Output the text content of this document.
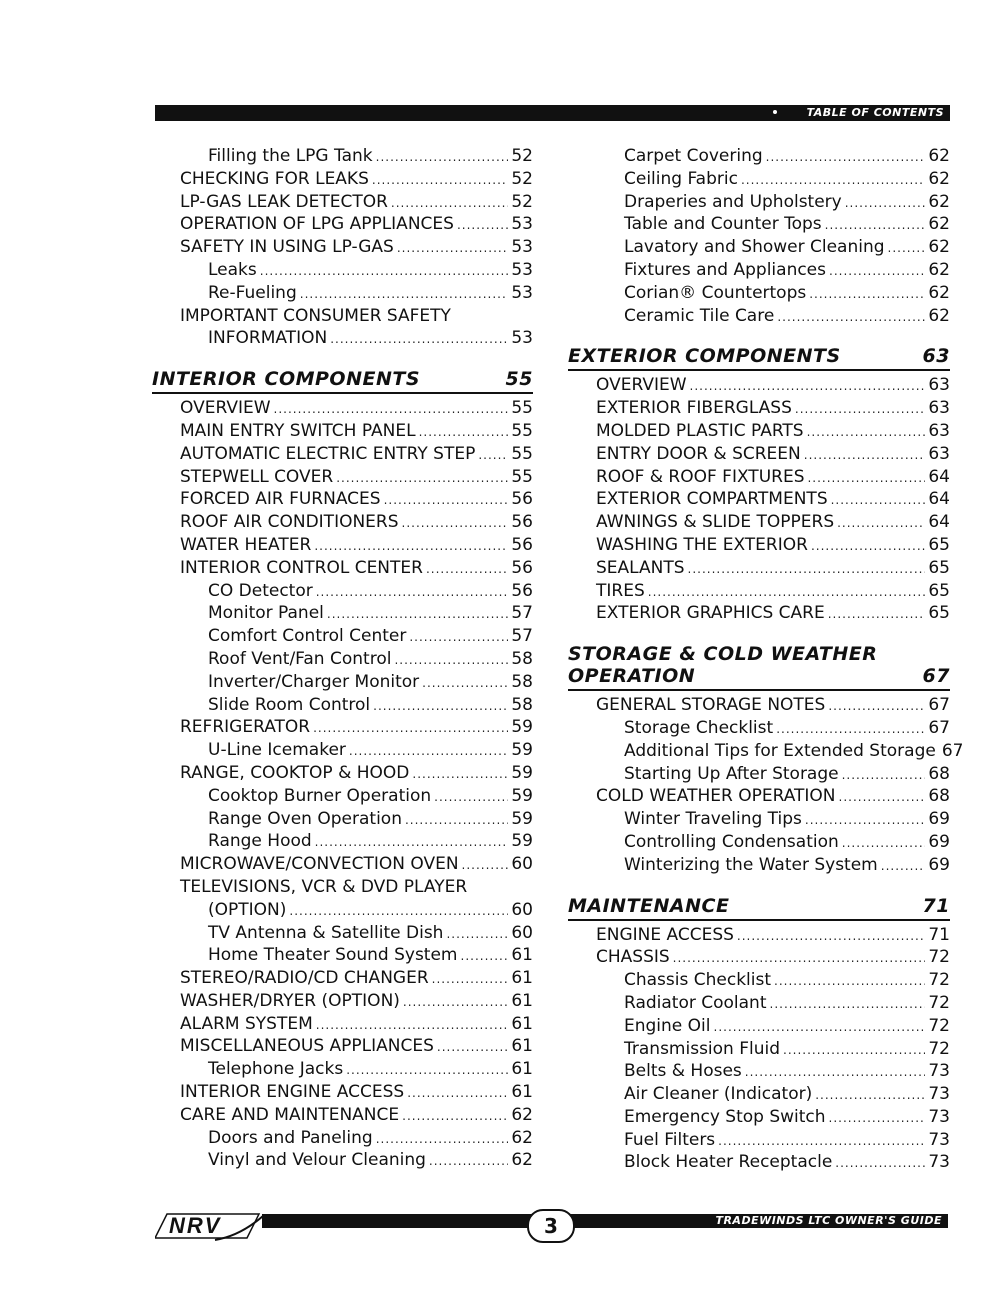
TABLE OF CONTENTS
Filling the LPG Tank .....	52
CHECKING FOR LEAKS .....	52
LP-GAS LEAK DETECTOR .....	52
OPERATION OF LPG APPLIANCES .....	53
SAFETY IN USING LP-GAS .....	53
Leaks .....	53
Re-Fueling .....	53
IMPORTANT CONSUMER SAFETY
INFORMATION .....	53
INTERIOR COMPONENTS	55
OVERVIEW .....	55
MAIN ENTRY SWITCH PANEL .....	55
AUTOMATIC ELECTRIC ENTRY STEP ..... 55
STEPWELL COVER .....	55
FORCED AIR FURNACES .....	56
ROOF AIR CONDITIONERS .....	56
WATER HEATER .....	56
INTERIOR CONTROL CENTER .....	56
CO Detector .....	56
Monitor Panel .....	57
Comfort Control Center .....	57
Roof Vent/Fan Control .....	58
Inverter/Charger Monitor .....	58
Slide Room Control .....	58
REFRIGERATOR .....	59
U-Line Icemaker .....	59
RANGE, COOKTOP & HOOD .....	59
Cooktop Burner Operation .....	59
Range Oven Operation .....	59
Range Hood .....	59
MICROWAVE/CONVECTION OVEN .....	60
TELEVISIONS, VCR & DVD PLAYER
(OPTION) .....	60
TV Antenna & Satellite Dish .....	60
Home Theater Sound System .....	61
STEREO/RADIO/CD CHANGER .....	61
WASHER/DRYER (OPTION) .....	61
ALARM SYSTEM .....	61
MISCELLANEOUS APPLIANCES .....	61
Telephone Jacks .....	61
INTERIOR ENGINE ACCESS .....	61
CARE AND MAINTENANCE .....	62
Doors and Paneling .....	62
Vinyl and Velour Cleaning .....	62
Carpet Covering .....	62
Ceiling Fabric .....	62
Draperies and Upholstery .....	62
Table and Counter Tops .....	62
Lavatory and Shower Cleaning .....	62
Fixtures and Appliances .....	62
Corian® Countertops .....	62
Ceramic Tile Care .....	62
EXTERIOR COMPONENTS	63
OVERVIEW .....	63
EXTERIOR FIBERGLASS .....	63
MOLDED PLASTIC PARTS .....	63
ENTRY DOOR & SCREEN .....	63
ROOF & ROOF FIXTURES .....	64
EXTERIOR COMPARTMENTS .....	64
AWNINGS & SLIDE TOPPERS .....	64
WASHING THE EXTERIOR .....	65
SEALANTS .....	65
TIRES .....	65
EXTERIOR GRAPHICS CARE .....	65
STORAGE & COLD WEATHER
OPERATION	67
GENERAL STORAGE NOTES .....	67
Storage Checklist .....	67
Additional Tips for Extended Storage 67
Starting Up After Storage .....	68
COLD WEATHER OPERATION .....	68
Winter Traveling Tips .....	69
Controlling Condensation .....	69
Winterizing the Water System .....	69
MAINTENANCE	71
ENGINE ACCESS .....	71
CHASSIS .....	72
Chassis Checklist .....	72
Radiator Coolant .....	72
Engine Oil .....	72
Transmission Fluid .....	72
Belts & Hoses .....	73
Air Cleaner (Indicator) .....	73
Emergency Stop Switch .....	73
Fuel Filters .....	73
Block Heater Receptacle .....	73
NRV	TRADEWINDS LTC OWNER'S GUIDE
3
